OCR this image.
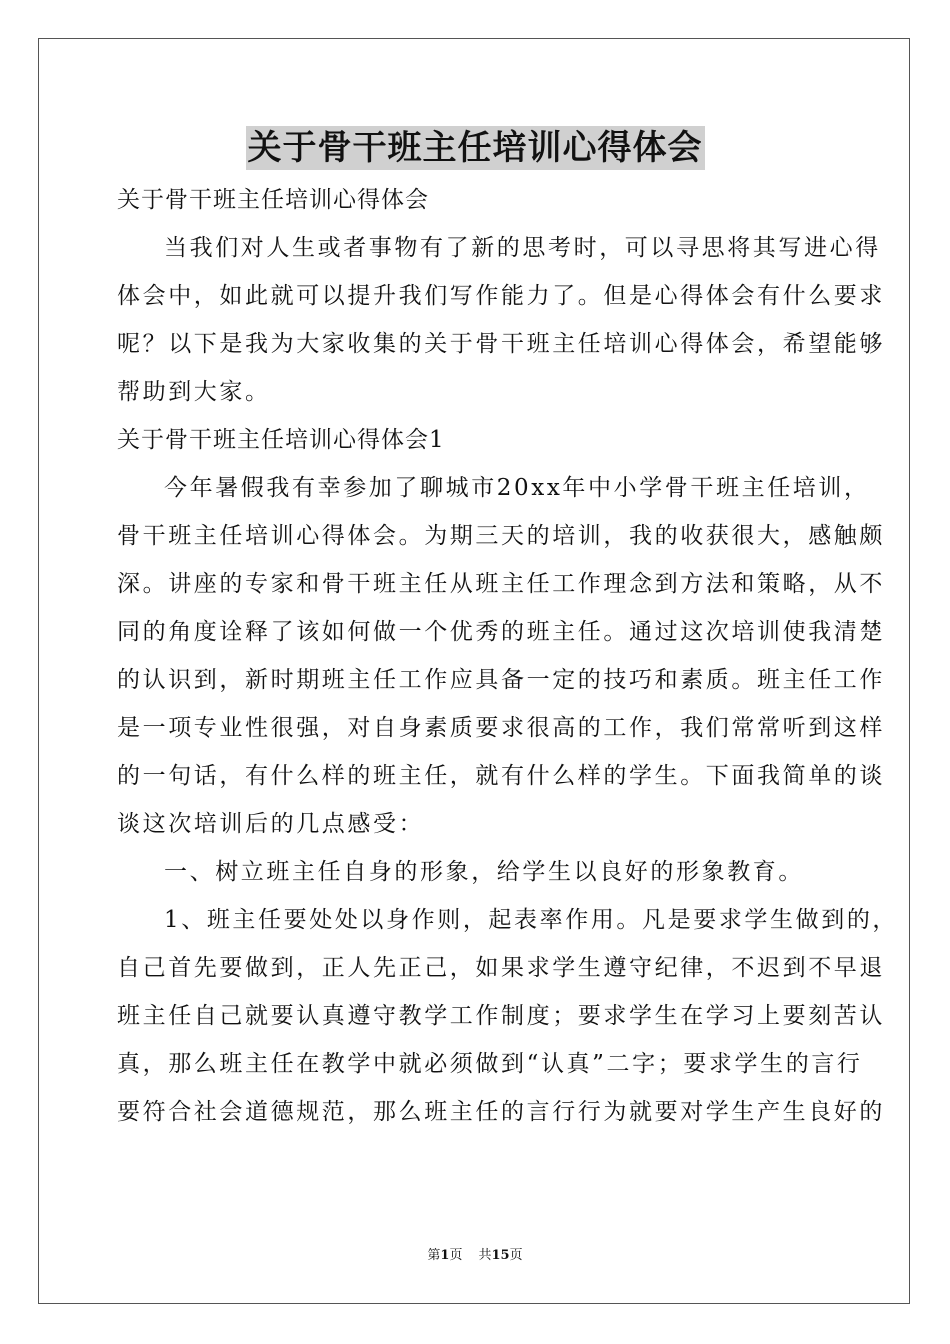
关于骨干班主任培训心得体会
关于骨干班主任培训心得体会
当我们对人生或者事物有了新的思考时，可以寻思将其写进心得
体会中，如此就可以提升我们写作能力了。但是心得体会有什么要求
呢？以下是我为大家收集的关于骨干班主任培训心得体会，希望能够
帮助到大家。
关于骨干班主任培训心得体会1
今年暑假我有幸参加了聊城市20xx年中小学骨干班主任培训，
骨干班主任培训心得体会。为期三天的培训，我的收获很大，感触颇
深。讲座的专家和骨干班主任从班主任工作理念到方法和策略，从不
同的角度诠释了该如何做一个优秀的班主任。通过这次培训使我清楚
的认识到，新时期班主任工作应具备一定的技巧和素质。班主任工作
是一项专业性很强，对自身素质要求很高的工作，我们常常听到这样
的一句话，有什么样的班主任，就有什么样的学生。下面我简单的谈
谈这次培训后的几点感受：
一、树立班主任自身的形象，给学生以良好的形象教育。
1、班主任要处处以身作则，起表率作用。凡是要求学生做到的，
自己首先要做到，正人先正己，如果求学生遵守纪律，不迟到不早退
班主任自己就要认真遵守教学工作制度；要求学生在学习上要刻苦认
真，那么班主任在教学中就必须做到“认真”二字；要求学生的言行
要符合社会道德规范，那么班主任的言行行为就要对学生产生良好的
第1页 共15页
